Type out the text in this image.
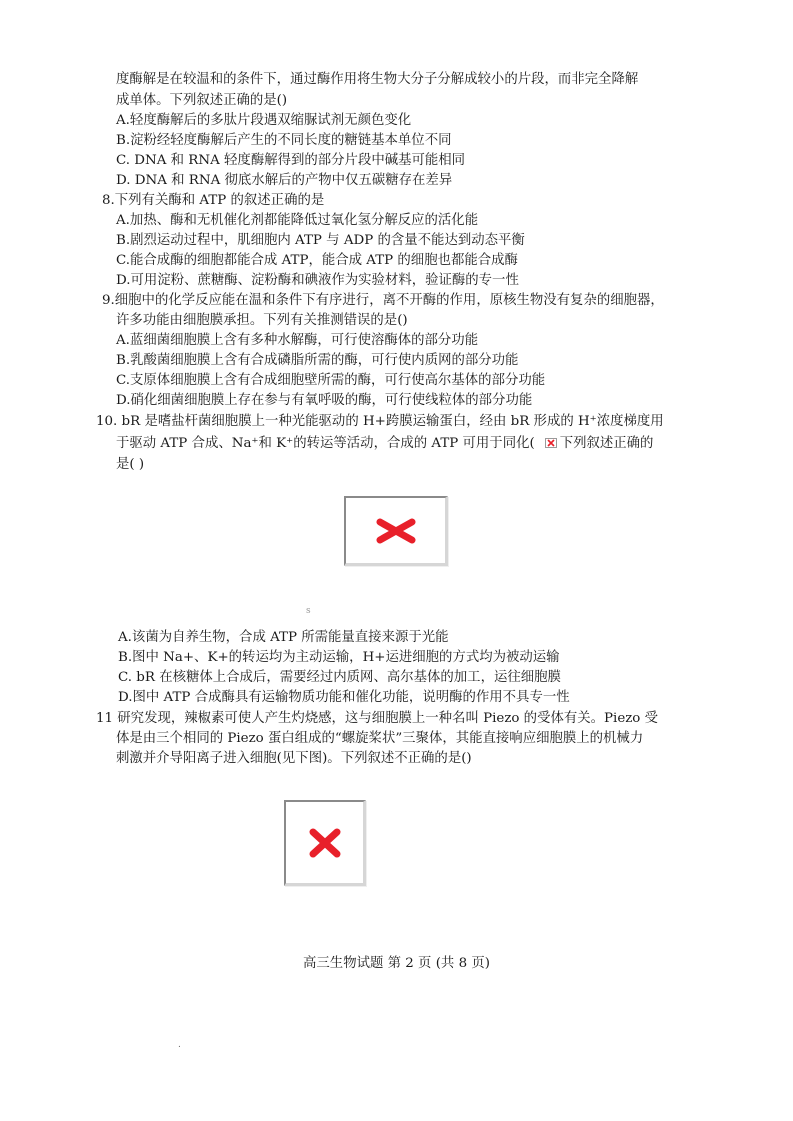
度酶解是在较温和的条件下，通过酶作用将生物大分子分解成较小的片段，而非完全降解
成单体。下列叙述正确的是()
A.轻度酶解后的多肽片段遇双缩脲试剂无颜色变化
B.淀粉经轻度酶解后产生的不同长度的糖链基本单位不同
C. DNA 和 RNA 轻度酶解得到的部分片段中碱基可能相同
D. DNA 和 RNA 彻底水解后的产物中仅五碳糖存在差异
8.下列有关酶和 ATP 的叙述正确的是
A.加热、酶和无机催化剂都能降低过氧化氢分解反应的活化能
B.剧烈运动过程中，肌细胞内 ATP 与 ADP 的含量不能达到动态平衡
C.能合成酶的细胞都能合成 ATP，能合成 ATP 的细胞也都能合成酶
D.可用淀粉、蔗糖酶、淀粉酶和碘液作为实验材料，验证酶的专一性
9.细胞中的化学反应能在温和条件下有序进行，离不开酶的作用，原核生物没有复杂的细胞器，
许多功能由细胞膜承担。下列有关推测错误的是()
A.蓝细菌细胞膜上含有多种水解酶，可行使溶酶体的部分功能
B.乳酸菌细胞膜上含有合成磷脂所需的酶，可行使内质网的部分功能
C.支原体细胞膜上含有合成细胞壁所需的酶，可行使高尔基体的部分功能
D.硝化细菌细胞膜上存在参与有氧呼吸的酶，可行使线粒体的部分功能
10. bR 是嗜盐杆菌细胞膜上一种光能驱动的 H+跨膜运输蛋白，经由 bR 形成的 H⁺浓度梯度用
于驱动 ATP 合成、Na⁺和 K⁺的转运等活动，合成的 ATP 可用于同化( 下列叙述正确的
是( )
s
A.该菌为自养生物，合成 ATP 所需能量直接来源于光能
B.图中 Na+、K+的转运均为主动运输，H+运进细胞的方式均为被动运输
C. bR 在核糖体上合成后，需要经过内质网、高尔基体的加工，运往细胞膜
D.图中 ATP 合成酶具有运输物质功能和催化功能，说明酶的作用不具专一性
11 研究发现，辣椒素可使人产生灼烧感，这与细胞膜上一种名叫 Piezo 的受体有关。Piezo 受
体是由三个相同的 Piezo 蛋白组成的“螺旋桨状”三聚体，其能直接响应细胞膜上的机械力
刺激并介导阳离子进入细胞(见下图)。下列叙述不正确的是()
高三生物试题 第 2 页 (共 8 页)
.
